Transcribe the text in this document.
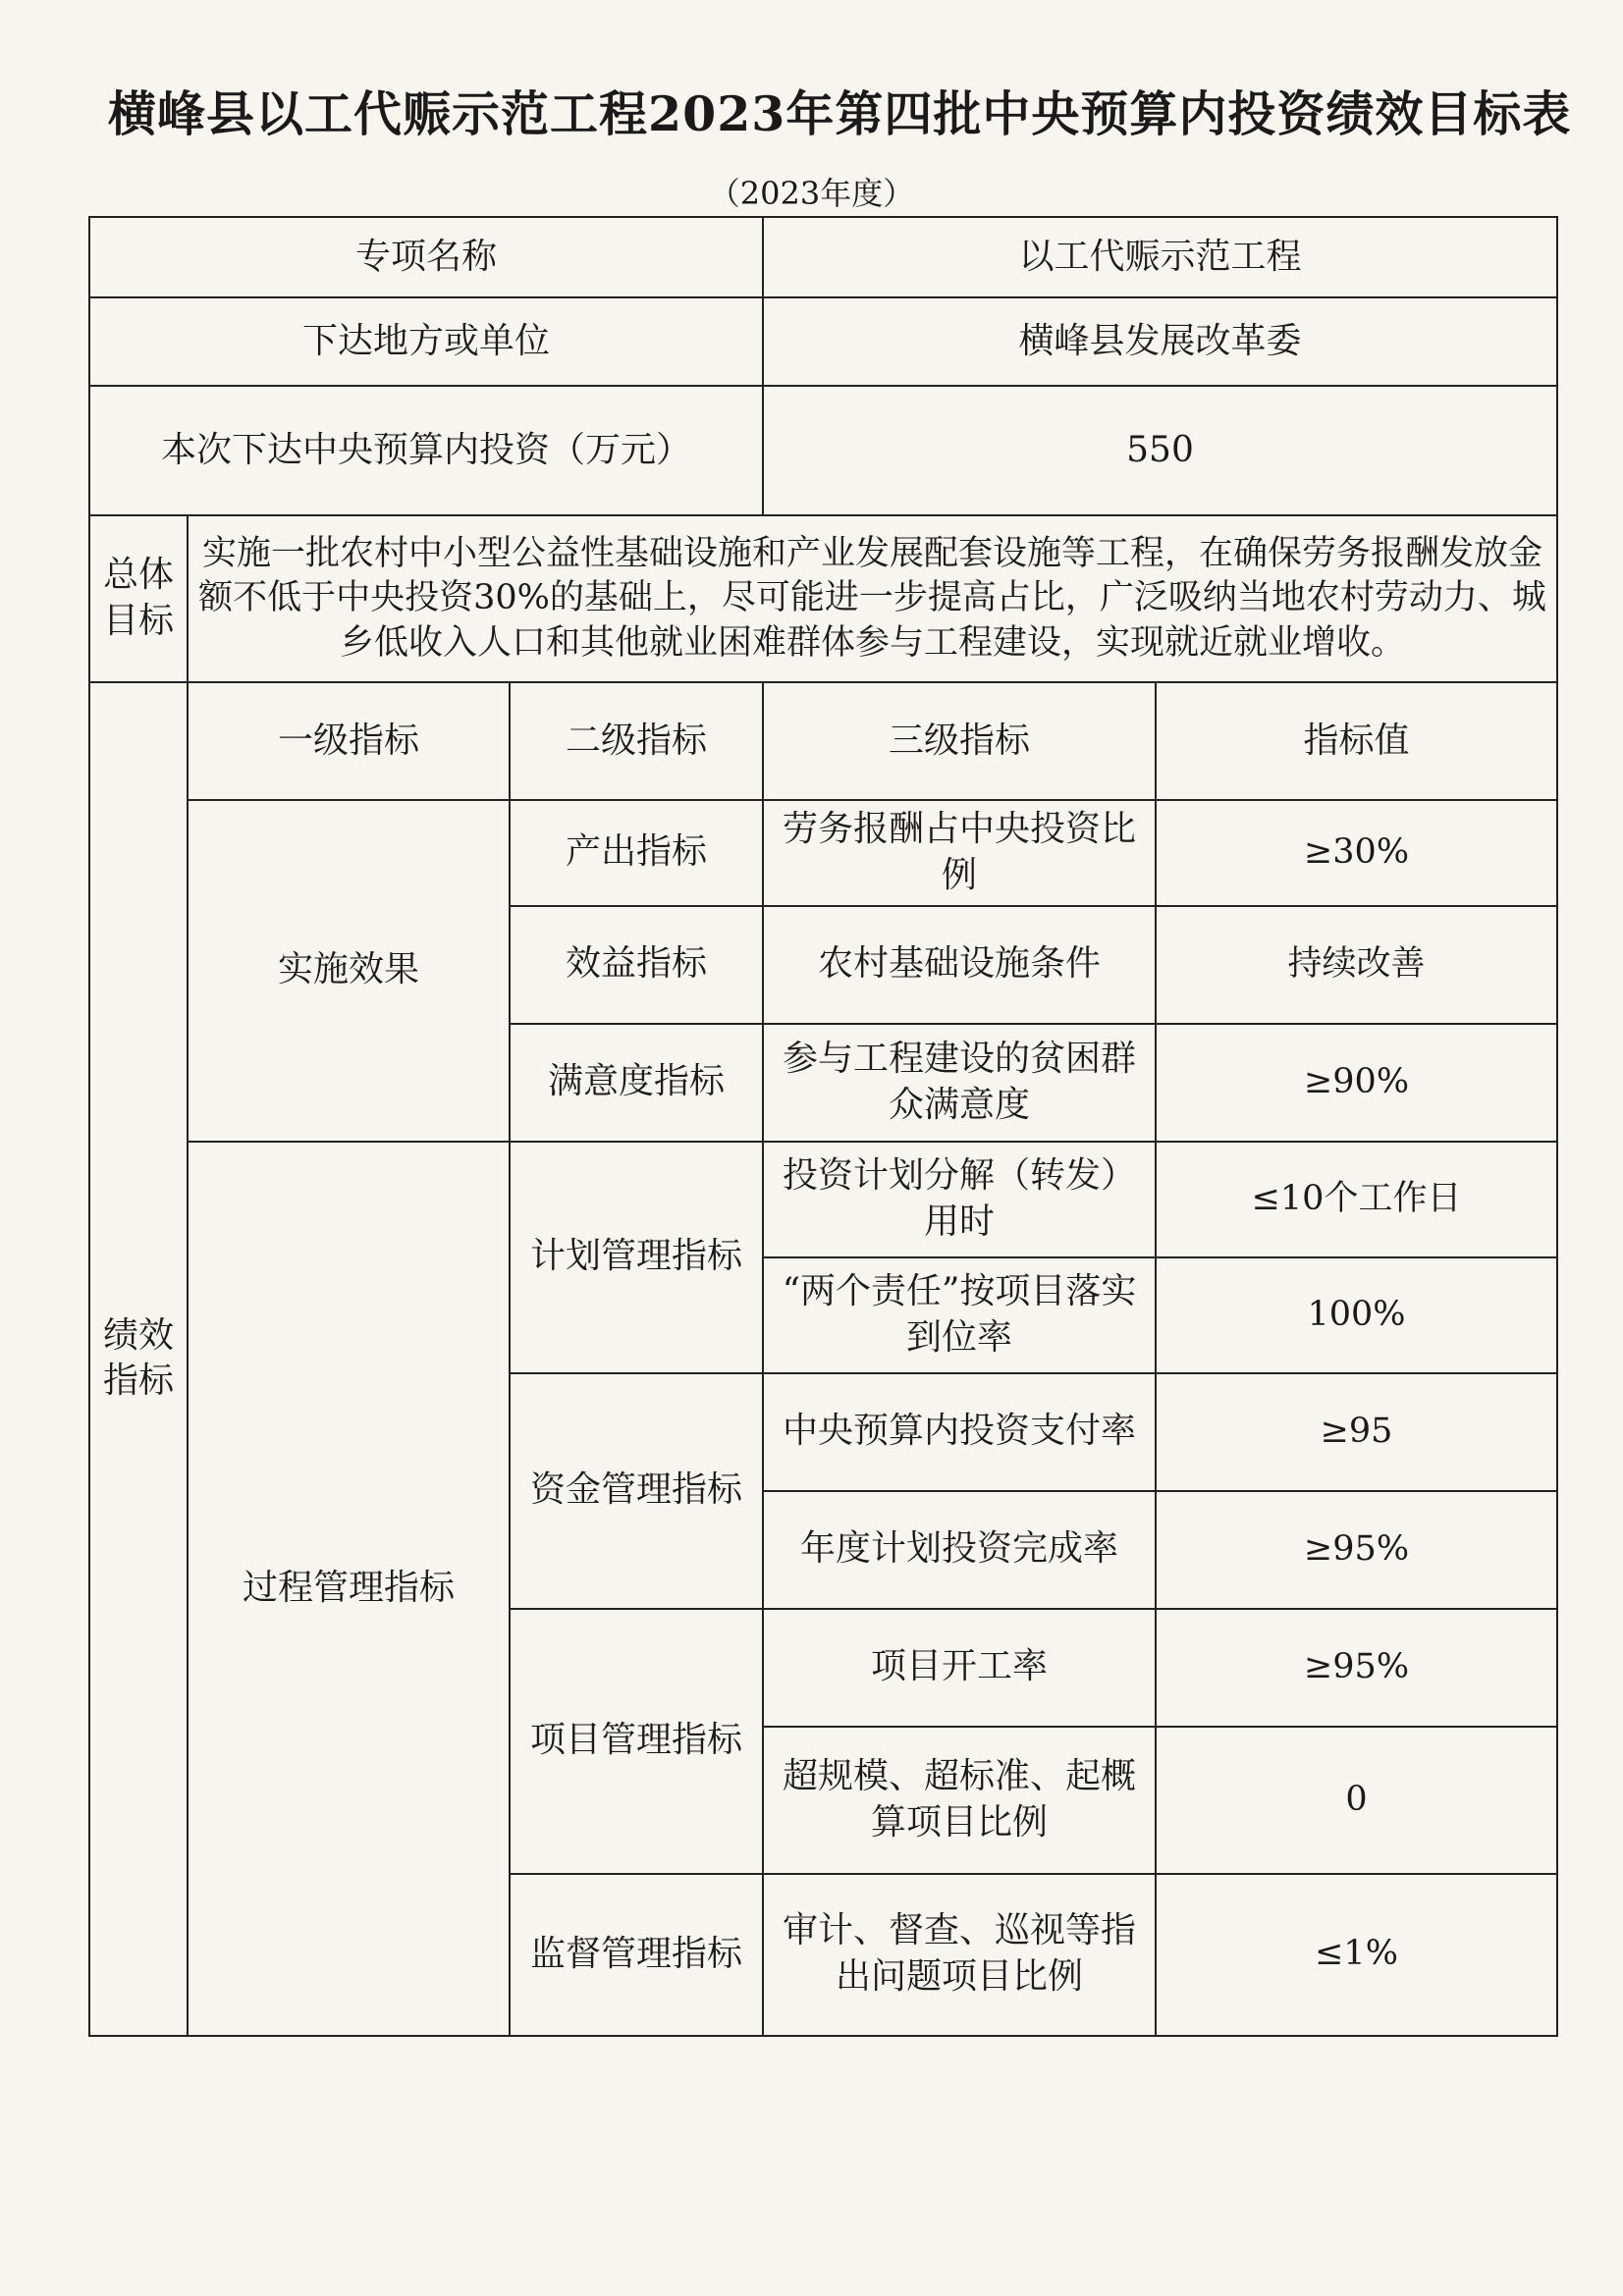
横峰县以工代赈示范工程2023年第四批中央预算内投资绩效目标表
（2023年度）
专项名称			以工代赈示范工程	
下达地方或单位			横峰县发展改革委	
本次下达中央预算内投资（万元）			550	
总体目标	实施一批农村中小型公益性基础设施和产业发展配套设施等工程，在确保劳务报酬发放金额不低于中央投资30%的基础上，尽可能进一步提高占比，广泛吸纳当地农村劳动力、城乡低收入人口和其他就业困难群体参与工程建设，实现就近就业增收。			
绩效指标	一级指标	二级指标	三级指标	指标值
	实施效果	产出指标	劳务报酬占中央投资比例	≥30%
		效益指标	农村基础设施条件	持续改善
		满意度指标	参与工程建设的贫困群众满意度	≥90%
	过程管理指标	计划管理指标	投资计划分解（转发）用时	≤10个工作日
			“两个责任”按项目落实到位率	100%
		资金管理指标	中央预算内投资支付率	≥95
			年度计划投资完成率	≥95%
		项目管理指标	项目开工率	≥95%
			超规模、超标准、起概算项目比例	0
		监督管理指标	审计、督查、巡视等指出问题项目比例	≤1%
